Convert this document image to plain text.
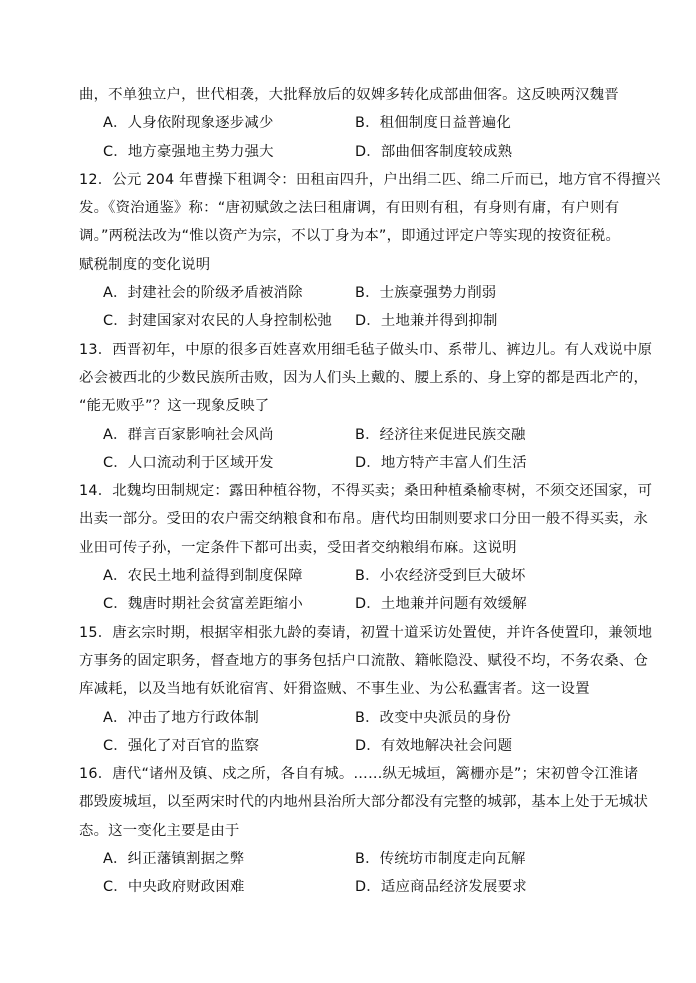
曲，不单独立户，世代相袭，大批释放后的奴婢多转化成部曲佃客。这反映两汉魏晋
A．人身依附现象逐步减少	B．租佃制度日益普遍化
C．地方豪强地主势力强大	D．部曲佃客制度较成熟
12．公元 204 年曹操下租调令：田租亩四升，户出绢二匹、绵二斤而已，地方官不得擅兴
发。《资治通鉴》称：“唐初赋敛之法曰租庸调，有田则有租，有身则有庸，有户则有
调。”两税法改为“惟以资产为宗，不以丁身为本”，即通过评定户等实现的按资征税。
赋税制度的变化说明
A．封建社会的阶级矛盾被消除	B．士族豪强势力削弱
C．封建国家对农民的人身控制松弛	D．土地兼并得到抑制
13．西晋初年，中原的很多百姓喜欢用细毛毡子做头巾、系带儿、裤边儿。有人戏说中原
必会被西北的少数民族所击败，因为人们头上戴的、腰上系的、身上穿的都是西北产的，
“能无败乎”？这一现象反映了
A．群言百家影响社会风尚	B．经济往来促进民族交融
C．人口流动利于区域开发	D．地方特产丰富人们生活
14．北魏均田制规定：露田种植谷物，不得买卖；桑田种植桑榆枣树，不须交还国家，可
出卖一部分。受田的农户需交纳粮食和布帛。唐代均田制则要求口分田一般不得买卖，永
业田可传子孙，一定条件下都可出卖，受田者交纳粮绢布麻。这说明
A．农民土地利益得到制度保障	B．小农经济受到巨大破坏
C．魏唐时期社会贫富差距缩小	D．土地兼并问题有效缓解
15．唐玄宗时期，根据宰相张九龄的奏请，初置十道采访处置使，并许各使置印，兼领地
方事务的固定职务，督查地方的事务包括户口流散、籍帐隐没、赋役不均，不务农桑、仓
库减耗，以及当地有妖讹宿宵、奸猾盗贼、不事生业、为公私蠹害者。这一设置
A．冲击了地方行政体制	B．改变中央派员的身份
C．强化了对百官的监察	D．有效地解决社会问题
16．唐代“诸州及镇、戍之所，各自有城。……纵无城垣，篱栅亦是”；宋初曾令江淮诸
郡毁废城垣，以至两宋时代的内地州县治所大部分都没有完整的城郭，基本上处于无城状
态。这一变化主要是由于
A．纠正藩镇割据之弊	B．传统坊市制度走向瓦解
C．中央政府财政困难	D．适应商品经济发展要求
